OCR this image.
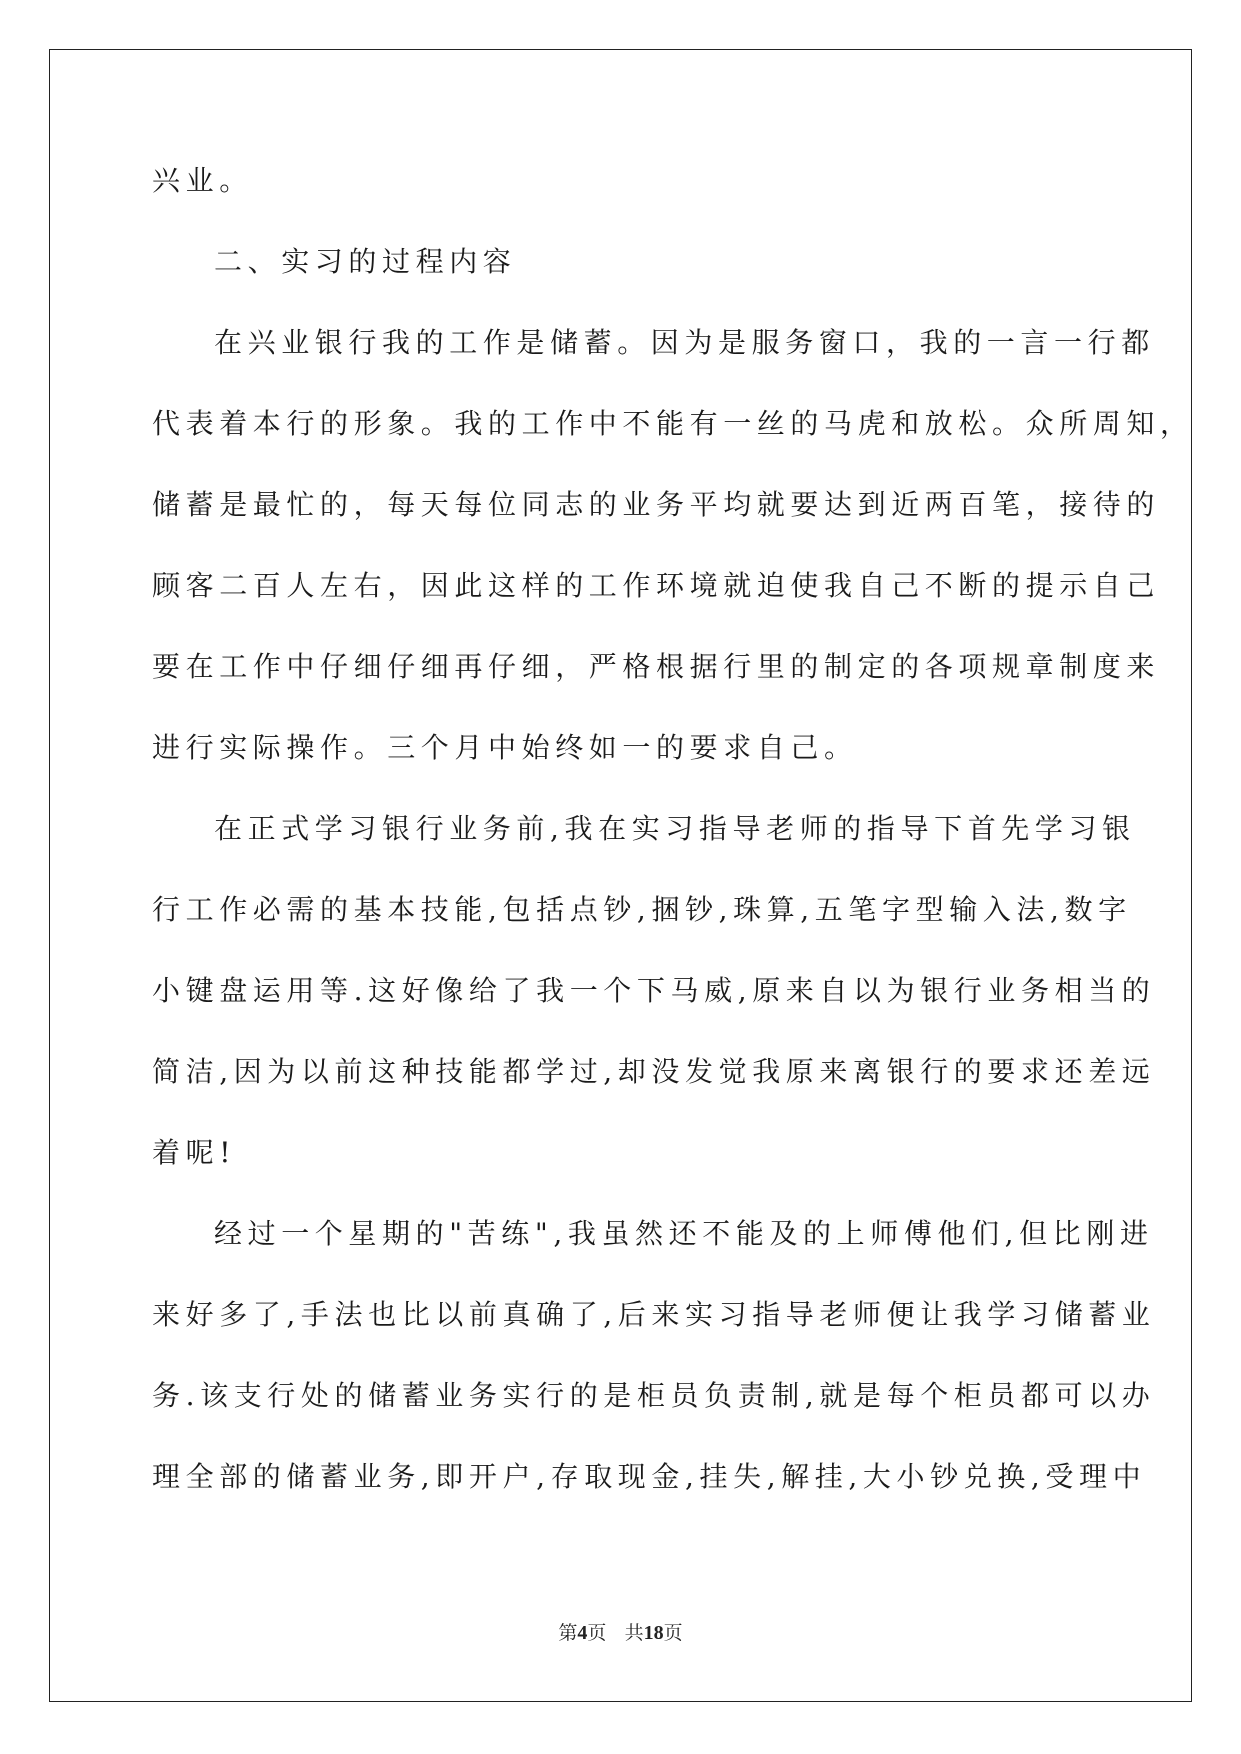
兴业。
二、实习的过程内容
在兴业银行我的工作是储蓄。因为是服务窗口，我的一言一行都
代表着本行的形象。我的工作中不能有一丝的马虎和放松。众所周知，
储蓄是最忙的，每天每位同志的业务平均就要达到近两百笔，接待的
顾客二百人左右，因此这样的工作环境就迫使我自己不断的提示自己
要在工作中仔细仔细再仔细，严格根据行里的制定的各项规章制度来
进行实际操作。三个月中始终如一的要求自己。
在正式学习银行业务前,我在实习指导老师的指导下首先学习银
行工作必需的基本技能,包括点钞,捆钞,珠算,五笔字型输入法,数字
小键盘运用等.这好像给了我一个下马威,原来自以为银行业务相当的
简洁,因为以前这种技能都学过,却没发觉我原来离银行的要求还差远
着呢!
经过一个星期的"苦练",我虽然还不能及的上师傅他们,但比刚进
来好多了,手法也比以前真确了,后来实习指导老师便让我学习储蓄业
务.该支行处的储蓄业务实行的是柜员负责制,就是每个柜员都可以办
理全部的储蓄业务,即开户,存取现金,挂失,解挂,大小钞兑换,受理中
第4页 共18页
